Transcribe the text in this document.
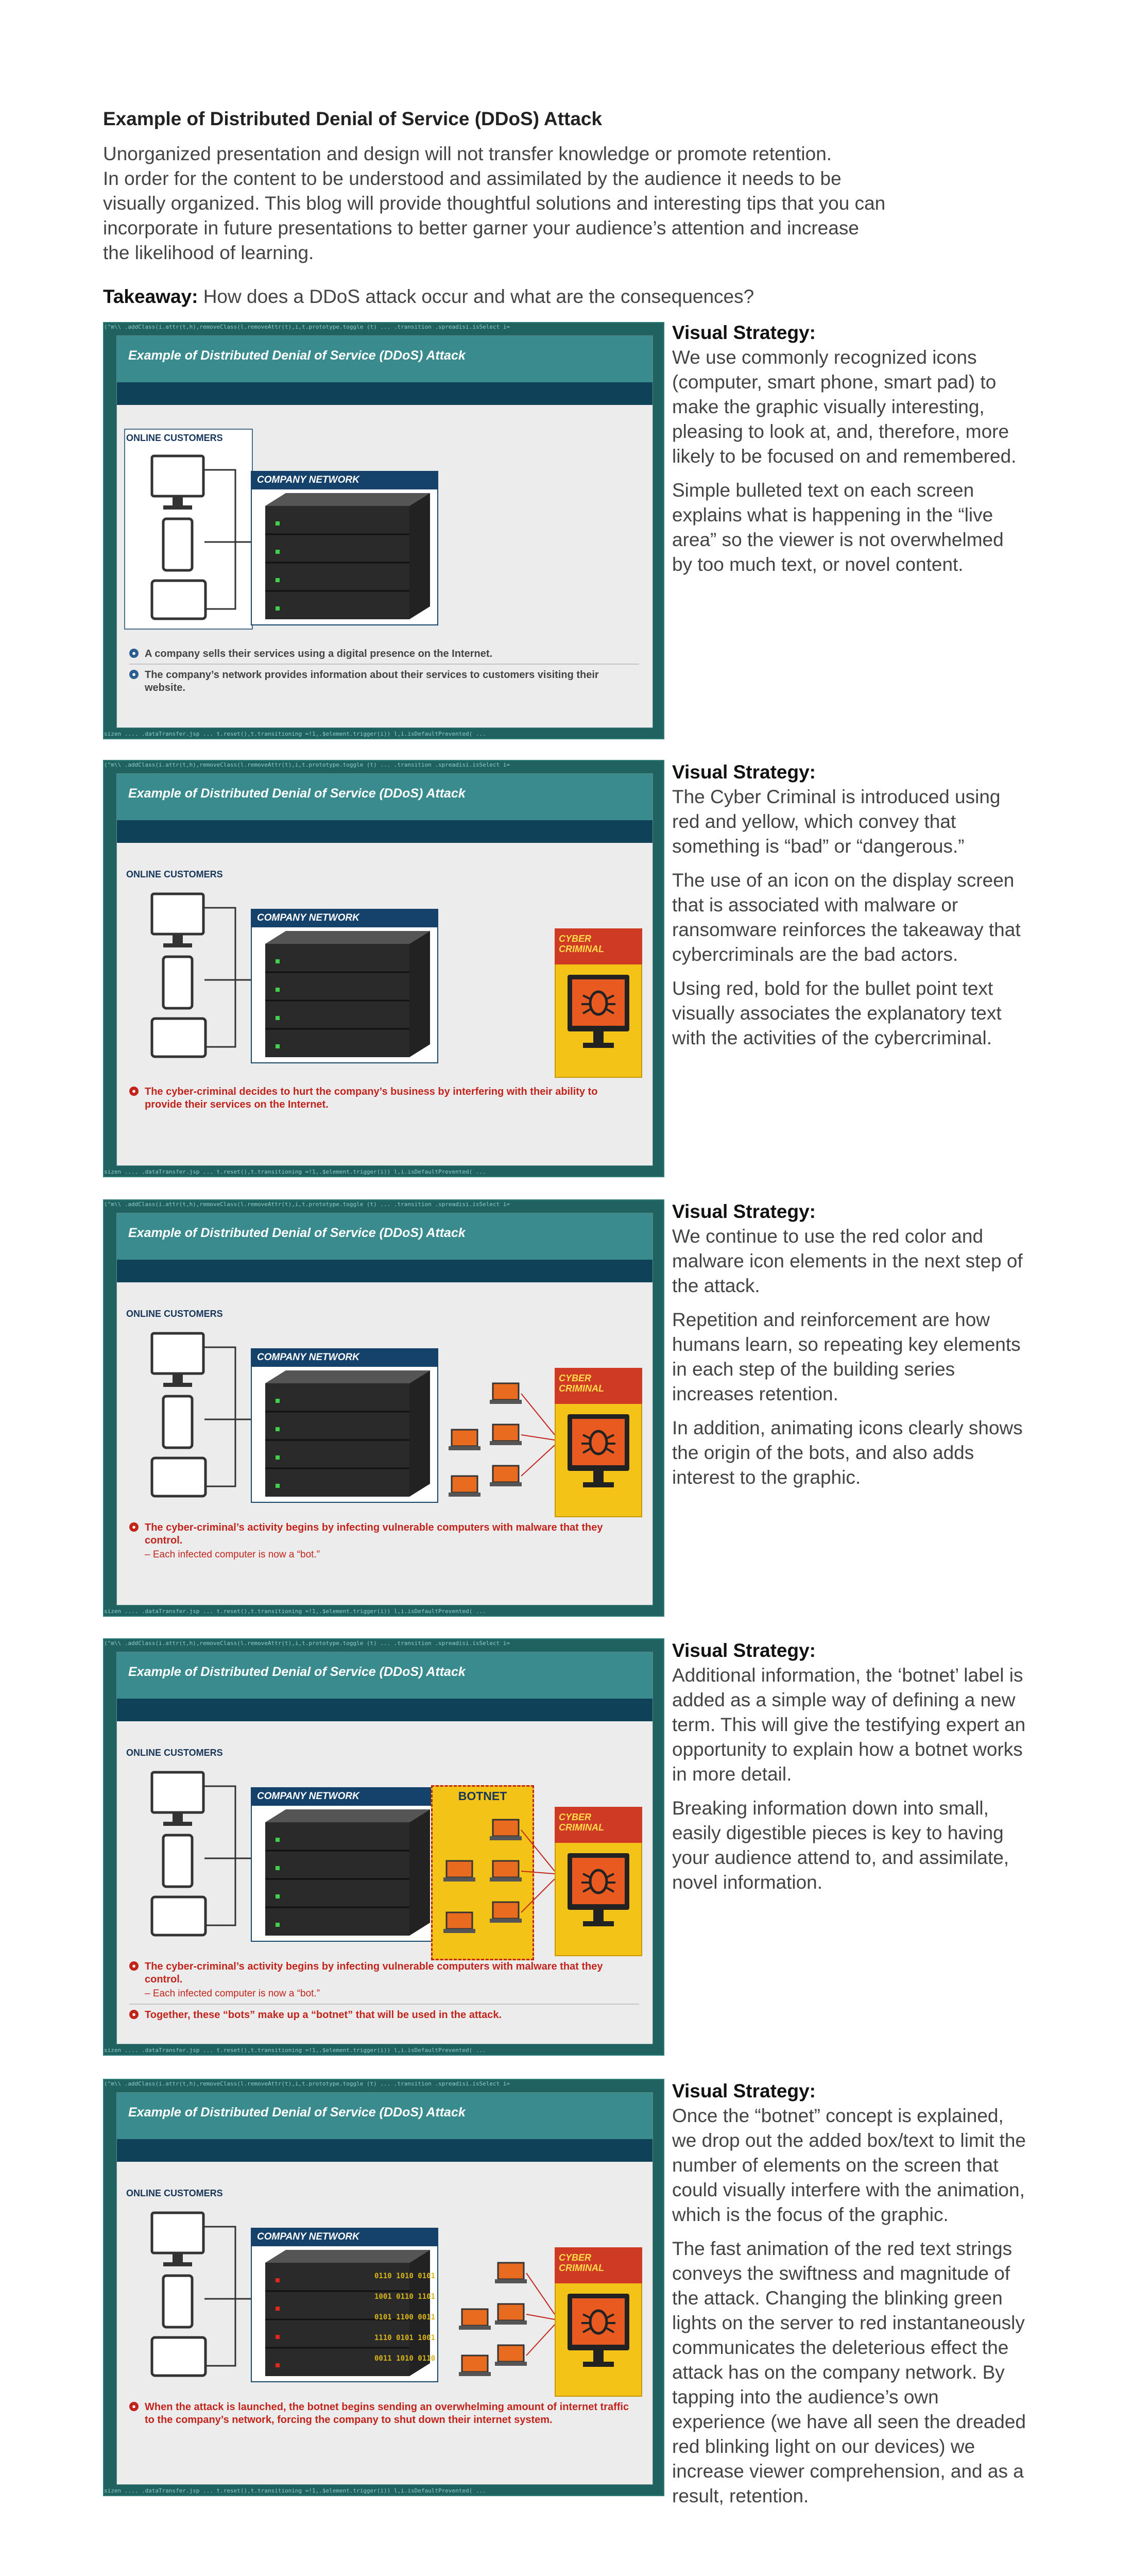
Example of Distributed Denial of Service (DDoS) Attack

Unorganized presentation and design will not transfer knowledge or promote retention.

In order for the content to be understood and assimilated by the audience it needs to be

visually organized. This blog will provide thoughtful solutions and interesting tips that you can

incorporate in future presentations to better garner your audience’s attention and increase

the likelihood of learning.

Takeaway: How does a DDoS attack occur and what are the consequences?
("m\\ .addClass(i.attr(t,h),removeClass(l.removeAttr(t),i,t.prototype.toggle (t) ... .transition .spreadisi.isSelect i=
sizen .... .dataTransfer.jsp ... t.reset(),t.transitioning =!1,.$element.trigger(i)) l,i.isDefaultPrevented( ...
Example of Distributed Denial of Service (DDoS) Attack
ONLINE CUSTOMERS
COMPANY NETWORK
● A company sells their services using a digital presence on the Internet.
● The company’s network provides information about their services to customers visiting their website.
Visual Strategy:

We use commonly recognized icons (computer, smart phone, smart pad) to make the graphic visually interesting, pleasing to look at, and, therefore, more likely to be focused on and remembered.

Simple bulleted text on each screen explains what is happening in the “live area” so the viewer is not overwhelmed by too much text, or novel content.

("m\\ .addClass(i.attr(t,h),removeClass(l.removeAttr(t),i,t.prototype.toggle (t) ... .transition .spreadisi.isSelect i=
sizen .... .dataTransfer.jsp ... t.reset(),t.transitioning =!1,.$element.trigger(i)) l,i.isDefaultPrevented( ...
Example of Distributed Denial of Service (DDoS) Attack
ONLINE CUSTOMERS
COMPANY NETWORK
CYBER
CRIMINAL
● The cyber-criminal decides to hurt the company’s business by interfering with their ability to provide their services on the Internet.
Visual Strategy:

The Cyber Criminal is introduced using red and yellow, which convey that something is “bad” or “dangerous.”

The use of an icon on the display screen that is associated with malware or ransomware reinforces the takeaway that cybercriminals are the bad actors.

Using red, bold for the bullet point text visually associates the explanatory text with the activities of the cybercriminal.

("m\\ .addClass(i.attr(t,h),removeClass(l.removeAttr(t),i,t.prototype.toggle (t) ... .transition .spreadisi.isSelect i=
sizen .... .dataTransfer.jsp ... t.reset(),t.transitioning =!1,.$element.trigger(i)) l,i.isDefaultPrevented( ...
Example of Distributed Denial of Service (DDoS) Attack
ONLINE CUSTOMERS
COMPANY NETWORK
CYBER
CRIMINAL
● The cyber-criminal’s activity begins by infecting vulnerable computers with malware that they control.
– Each infected computer is now a “bot.”
Visual Strategy:

We continue to use the red color and malware icon elements in the next step of the attack.

Repetition and reinforcement are how humans learn, so repeating key elements in each step of the building series increases retention.

In addition, animating icons clearly shows the origin of the bots, and also adds interest to the graphic.

("m\\ .addClass(i.attr(t,h),removeClass(l.removeAttr(t),i,t.prototype.toggle (t) ... .transition .spreadisi.isSelect i=
sizen .... .dataTransfer.jsp ... t.reset(),t.transitioning =!1,.$element.trigger(i)) l,i.isDefaultPrevented( ...
Example of Distributed Denial of Service (DDoS) Attack
ONLINE CUSTOMERS
COMPANY NETWORK	BOTNET
CYBER
CRIMINAL
● The cyber-criminal’s activity begins by infecting vulnerable computers with malware that they control.
– Each infected computer is now a “bot.”
● Together, these “bots” make up a “botnet” that will be used in the attack.
Visual Strategy:

Additional information, the ‘botnet’ label is added as a simple way of defining a new term. This will give the testifying expert an opportunity to explain how a botnet works in more detail.

Breaking information down into small, easily digestible pieces is key to having your audience attend to, and assimilate, novel information.

("m\\ .addClass(i.attr(t,h),removeClass(l.removeAttr(t),i,t.prototype.toggle (t) ... .transition .spreadisi.isSelect i=
sizen .... .dataTransfer.jsp ... t.reset(),t.transitioning =!1,.$element.trigger(i)) l,i.isDefaultPrevented( ...
Example of Distributed Denial of Service (DDoS) Attack
ONLINE CUSTOMERS
COMPANY NETWORK
0110 1010 0101
1001 0110 1101
0101 1100 0011
1110 0101 1001
0011 1010 0110
CYBER
CRIMINAL
● When the attack is launched, the botnet begins sending an overwhelming amount of internet traffic to the company’s network, forcing the company to shut down their internet system.
Visual Strategy:

Once the “botnet” concept is explained, we drop out the added box/text to limit the number of elements on the screen that could visually interfere with the animation, which is the focus of the graphic.

The fast animation of the red text strings conveys the swiftness and magnitude of the attack. Changing the blinking green lights on the server to red instantaneously communicates the deleterious effect the attack has on the company network. By tapping into the audience’s own experience (we have all seen the dreaded red blinking light on our devices) we increase viewer comprehension, and as a result, retention.
